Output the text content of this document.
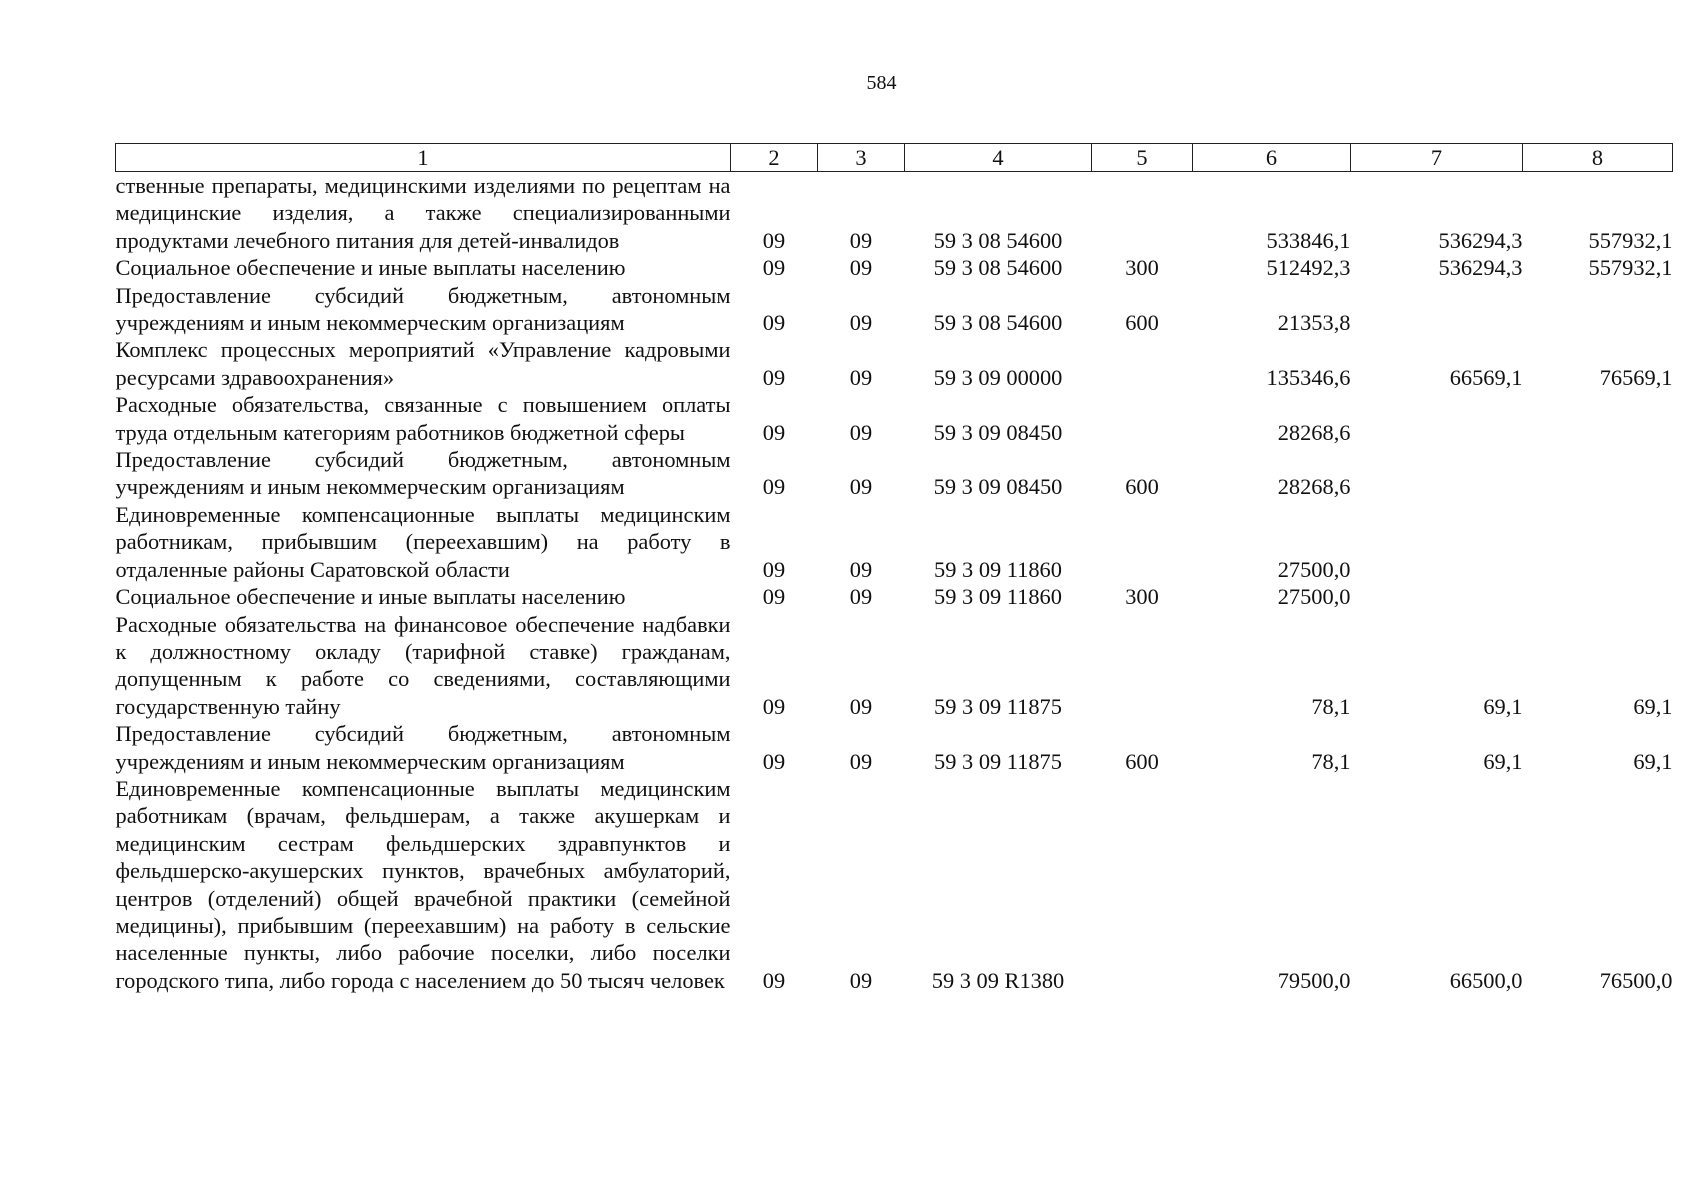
584
1	2	3	4	5	6	7	8
ственные препараты, медицинскими изделиями по рецептам на медицинские изделия, а также специализированными продуктами лечебного питания для детей-инвалидов	09	09	59 3 08 54600		533846,1	536294,3	557932,1
Социальное обеспечение и иные выплаты населению	09	09	59 3 08 54600	300	512492,3	536294,3	557932,1
Предоставление субсидий бюджетным, автономным учреждениям и иным некоммерческим организациям	09	09	59 3 08 54600	600	21353,8		
Комплекс процессных мероприятий «Управление кадровыми ресурсами здравоохранения»	09	09	59 3 09 00000		135346,6	66569,1	76569,1
Расходные обязательства, связанные с повышением оплаты труда отдельным категориям работников бюджетной сферы	09	09	59 3 09 08450		28268,6		
Предоставление субсидий бюджетным, автономным учреждениям и иным некоммерческим организациям	09	09	59 3 09 08450	600	28268,6		
Единовременные компенсационные выплаты медицинским работникам, прибывшим (переехавшим) на работу в отдаленные районы Саратовской области	09	09	59 3 09 11860		27500,0		
Социальное обеспечение и иные выплаты населению	09	09	59 3 09 11860	300	27500,0		
Расходные обязательства на финансовое обеспечение надбавки к должностному окладу (тарифной ставке) гражданам, допущенным к работе со сведениями, составляющими государственную тайну	09	09	59 3 09 11875		78,1	69,1	69,1
Предоставление субсидий бюджетным, автономным учреждениям и иным некоммерческим организациям	09	09	59 3 09 11875	600	78,1	69,1	69,1
Единовременные компенсационные выплаты медицинским работникам (врачам, фельдшерам, а также акушеркам и медицинским сестрам фельдшерских здравпунктов и фельдшерско-акушерских пунктов, врачебных амбулаторий, центров (отделений) общей врачебной практики (семейной медицины), прибывшим (переехавшим) на работу в сельские населенные пункты, либо рабочие поселки, либо поселки городского типа, либо города с населением до 50 тысяч человек	09	09	59 3 09 R1380		79500,0	66500,0	76500,0
